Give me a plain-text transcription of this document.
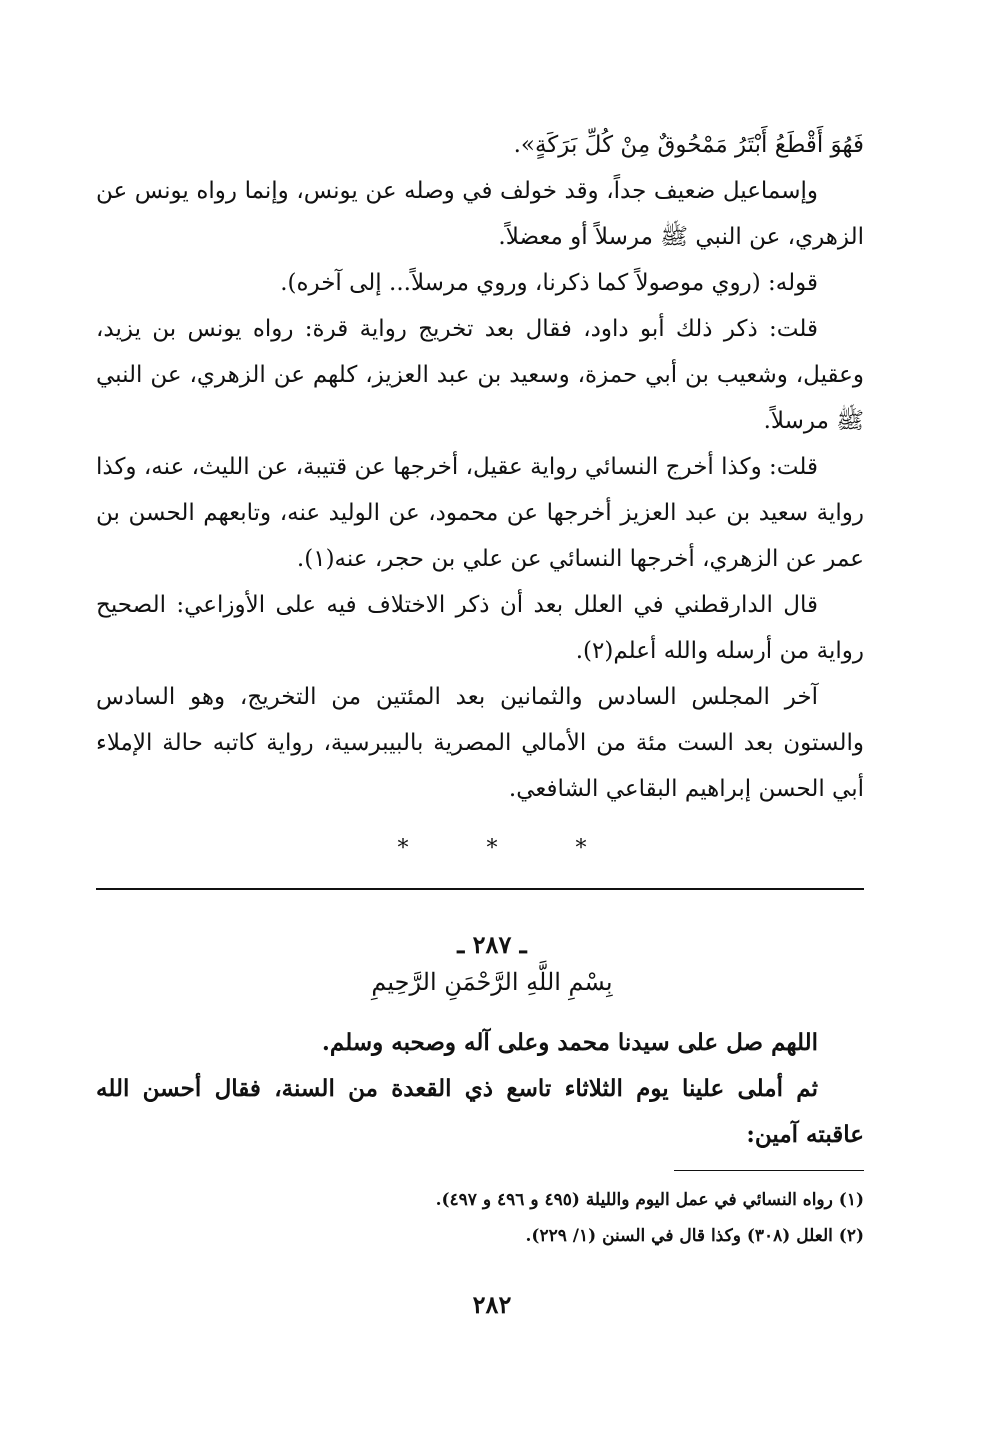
فَهُوَ أَقْطَعُ أَبْتَرُ مَمْحُوقٌ مِنْ كُلِّ بَرَكَةٍ».

وإسماعيل ضعيف جداً، وقد خولف في وصله عن يونس، وإنما رواه يونس عن الزهري، عن النبي ﷺ مرسلاً أو معضلاً.

قوله: (روي موصولاً كما ذكرنا، وروي مرسلاً... إلى آخره).

قلت: ذكر ذلك أبو داود، فقال بعد تخريج رواية قرة: رواه يونس بن يزيد، وعقيل، وشعيب بن أبي حمزة، وسعيد بن عبد العزيز، كلهم عن الزهري، عن النبي ﷺ مرسلاً.

قلت: وكذا أخرج النسائي رواية عقيل، أخرجها عن قتيبة، عن الليث، عنه، وكذا رواية سعيد بن عبد العزيز أخرجها عن محمود، عن الوليد عنه، وتابعهم الحسن بن عمر عن الزهري، أخرجها النسائي عن علي بن حجر، عنه(١).

قال الدارقطني في العلل بعد أن ذكر الاختلاف فيه على الأوزاعي: الصحيح رواية من أرسله والله أعلم(٢).

آخر المجلس السادس والثمانين بعد المئتين من التخريج، وهو السادس والستون بعد الست مئة من الأمالي المصرية بالبيبرسية، رواية كاتبه حالة الإملاء أبي الحسن إبراهيم البقاعي الشافعي.

*	*	*
ـ ٢٨٧ ـ
بِسْمِ اللَّهِ الرَّحْمَنِ الرَّحِيمِ

اللهم صل على سيدنا محمد وعلى آله وصحبه وسلم.

ثم أملى علينا يوم الثلاثاء تاسع ذي القعدة من السنة، فقال أحسن الله عاقبته آمين:

(١) رواه النسائي في عمل اليوم والليلة (٤٩٥ و ٤٩٦ و ٤٩٧).

(٢) العلل (٣٠٨) وكذا قال في السنن (١/ ٢٢٩).

٢٨٢
